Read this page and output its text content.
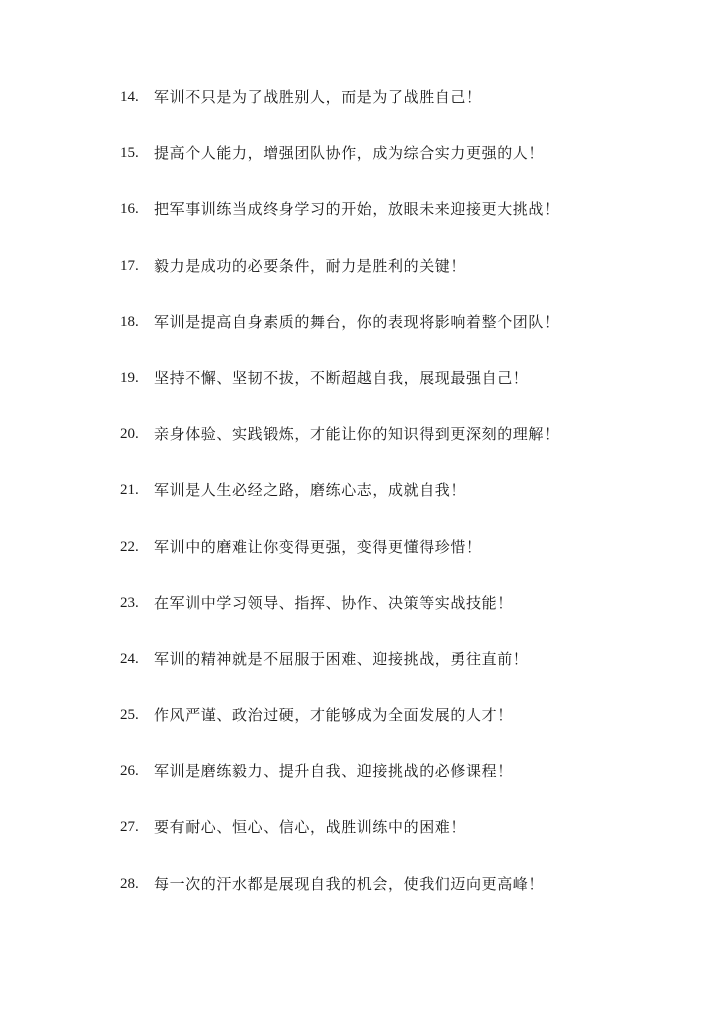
14.	军训不只是为了战胜别人，而是为了战胜自己！
15.	提高个人能力，增强团队协作，成为综合实力更强的人！
16.	把军事训练当成终身学习的开始，放眼未来迎接更大挑战！
17.	毅力是成功的必要条件，耐力是胜利的关键！
18.	军训是提高自身素质的舞台，你的表现将影响着整个团队！
19.	坚持不懈、坚韧不拔，不断超越自我，展现最强自己！
20.	亲身体验、实践锻炼，才能让你的知识得到更深刻的理解！
21.	军训是人生必经之路，磨练心志，成就自我！
22.	军训中的磨难让你变得更强，变得更懂得珍惜！
23.	在军训中学习领导、指挥、协作、决策等实战技能！
24.	军训的精神就是不屈服于困难、迎接挑战，勇往直前！
25.	作风严谨、政治过硬，才能够成为全面发展的人才！
26.	军训是磨练毅力、提升自我、迎接挑战的必修课程！
27.	要有耐心、恒心、信心，战胜训练中的困难！
28.	每一次的汗水都是展现自我的机会，使我们迈向更高峰！
